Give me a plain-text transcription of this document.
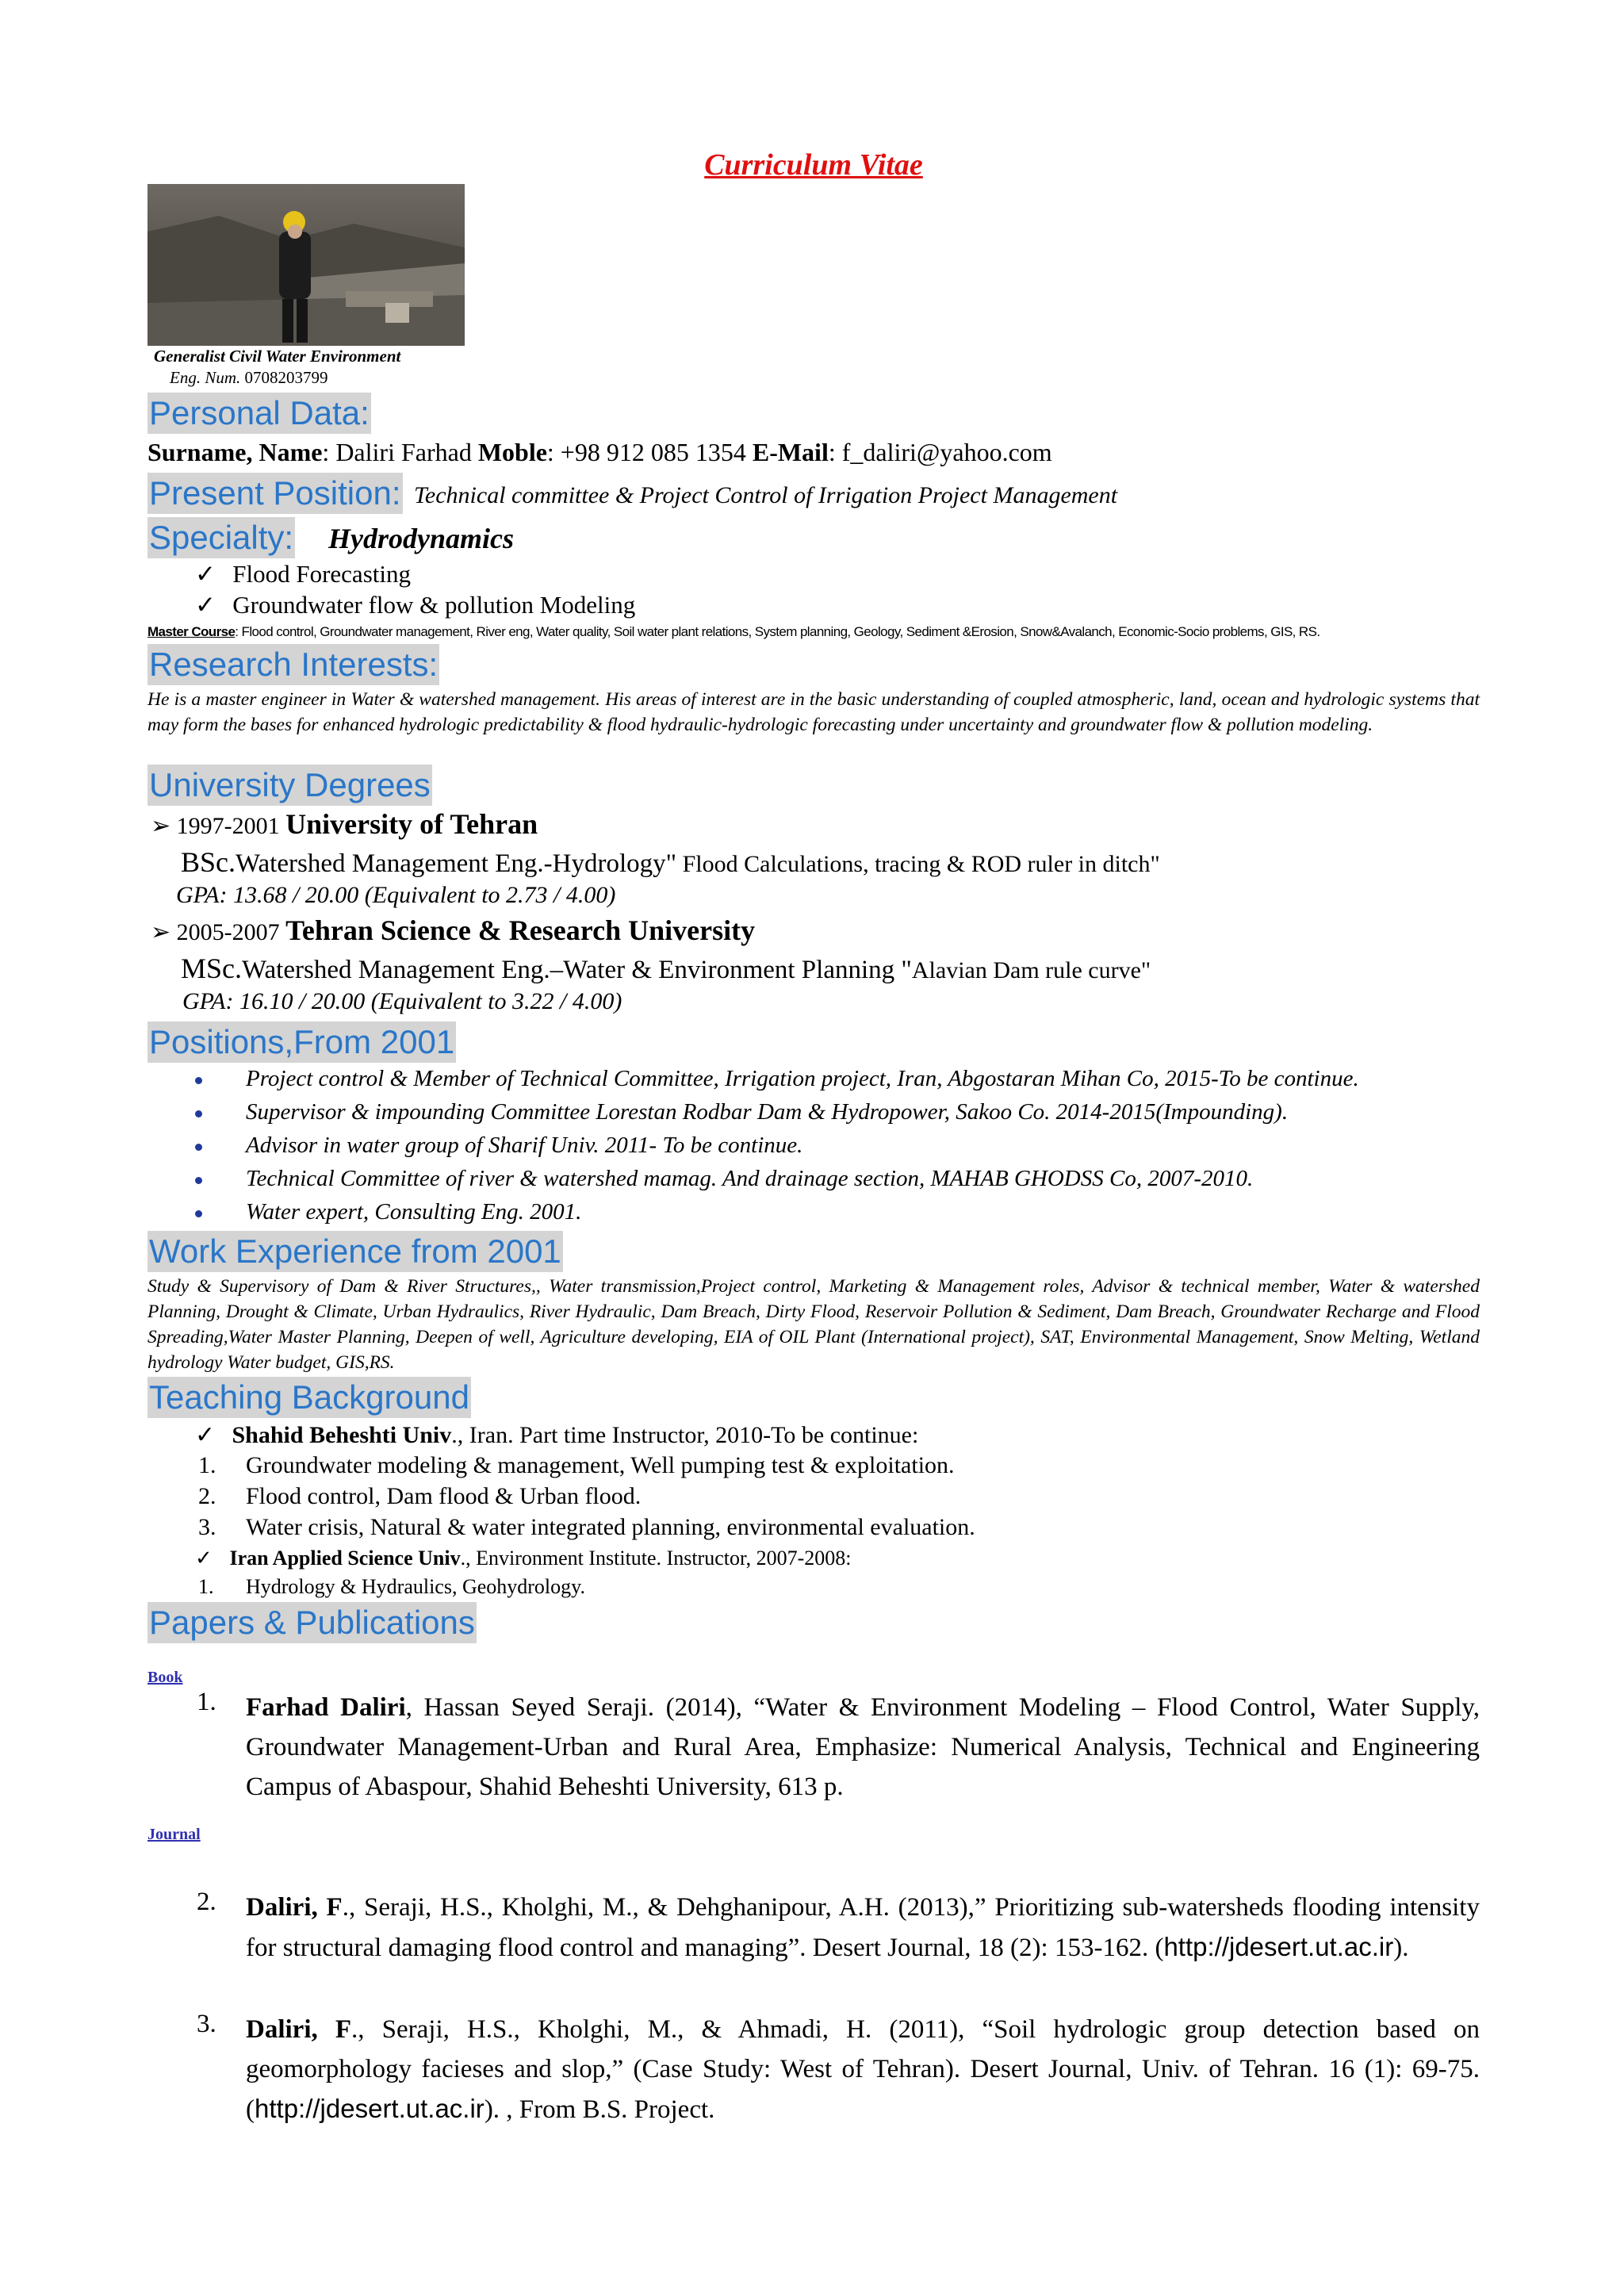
Curriculum Vitae
Generalist Civil Water Environment
Eng. Num. 0708203799
Personal Data:
Surname, Name: Daliri Farhad Moble: +98 912 085 1354 E-Mail: f_daliri@yahoo.com
Present Position: Technical committee & Project Control of Irrigation Project Management
Specialty: Hydrodynamics
✓ Flood Forecasting
✓ Groundwater flow & pollution Modeling
Master Course: Flood control, Groundwater management, River eng, Water quality, Soil water plant relations, System planning, Geology, Sediment &Erosion, Snow&Avalanch, Economic-Socio problems, GIS, RS.
Research Interests:
He is a master engineer in Water & watershed management. His areas of interest are in the basic understanding of coupled atmospheric, land, ocean and hydrologic systems that may form the bases for enhanced hydrologic predictability & flood hydraulic-hydrologic forecasting under uncertainty and groundwater flow & pollution modeling.
University Degrees
➢ 1997-2001 University of Tehran
BSc.Watershed Management Eng.-Hydrology" Flood Calculations, tracing & ROD ruler in ditch"
GPA: 13.68 / 20.00 (Equivalent to 2.73 / 4.00)
➢ 2005-2007 Tehran Science & Research University
MSc.Watershed Management Eng.–Water & Environment Planning "Alavian Dam rule curve"
GPA: 16.10 / 20.00 (Equivalent to 3.22 / 4.00)
Positions,From 2001
Project control & Member of Technical Committee, Irrigation project, Iran, Abgostaran Mihan Co, 2015-To be continue.
Supervisor & impounding Committee Lorestan Rodbar Dam & Hydropower, Sakoo Co. 2014-2015(Impounding).
Advisor in water group of Sharif Univ. 2011- To be continue.
Technical Committee of river & watershed mamag. And drainage section, MAHAB GHODSS Co, 2007-2010.
Water expert, Consulting Eng. 2001.
Work Experience from 2001
Study & Supervisory of Dam & River Structures,, Water transmission,Project control, Marketing & Management roles, Advisor & technical member, Water & watershed Planning, Drought & Climate, Urban Hydraulics, River Hydraulic, Dam Breach, Dirty Flood, Reservoir Pollution & Sediment, Dam Breach, Groundwater Recharge and Flood Spreading,Water Master Planning, Deepen of well, Agriculture developing, EIA of OIL Plant (International project), SAT, Environmental Management, Snow Melting, Wetland hydrology Water budget, GIS,RS.
Teaching Background
✓ Shahid Beheshti Univ., Iran. Part time Instructor, 2010-To be continue:
1.	Groundwater modeling & management, Well pumping test & exploitation.
2.	Flood control, Dam flood & Urban flood.
3.	Water crisis, Natural & water integrated planning, environmental evaluation.
✓ Iran Applied Science Univ., Environment Institute. Instructor, 2007-2008:
1.	Hydrology & Hydraulics, Geohydrology.
Papers & Publications
Book
1. Farhad Daliri, Hassan Seyed Seraji. (2014), “Water & Environment Modeling – Flood Control, Water Supply, Groundwater Management-Urban and Rural Area, Emphasize: Numerical Analysis, Technical and Engineering Campus of Abaspour, Shahid Beheshti University, 613 p.
Journal
2. Daliri, F., Seraji, H.S., Kholghi, M., & Dehghanipour, A.H. (2013),” Prioritizing sub-watersheds flooding intensity for structural damaging flood control and managing”. Desert Journal, 18 (2): 153-162. (http://jdesert.ut.ac.ir).
3. Daliri, F., Seraji, H.S., Kholghi, M., & Ahmadi, H. (2011), “Soil hydrologic group detection based on geomorphology facieses and slop,” (Case Study: West of Tehran). Desert Journal, Univ. of Tehran. 16 (1): 69-75. (http://jdesert.ut.ac.ir). , From B.S. Project.
